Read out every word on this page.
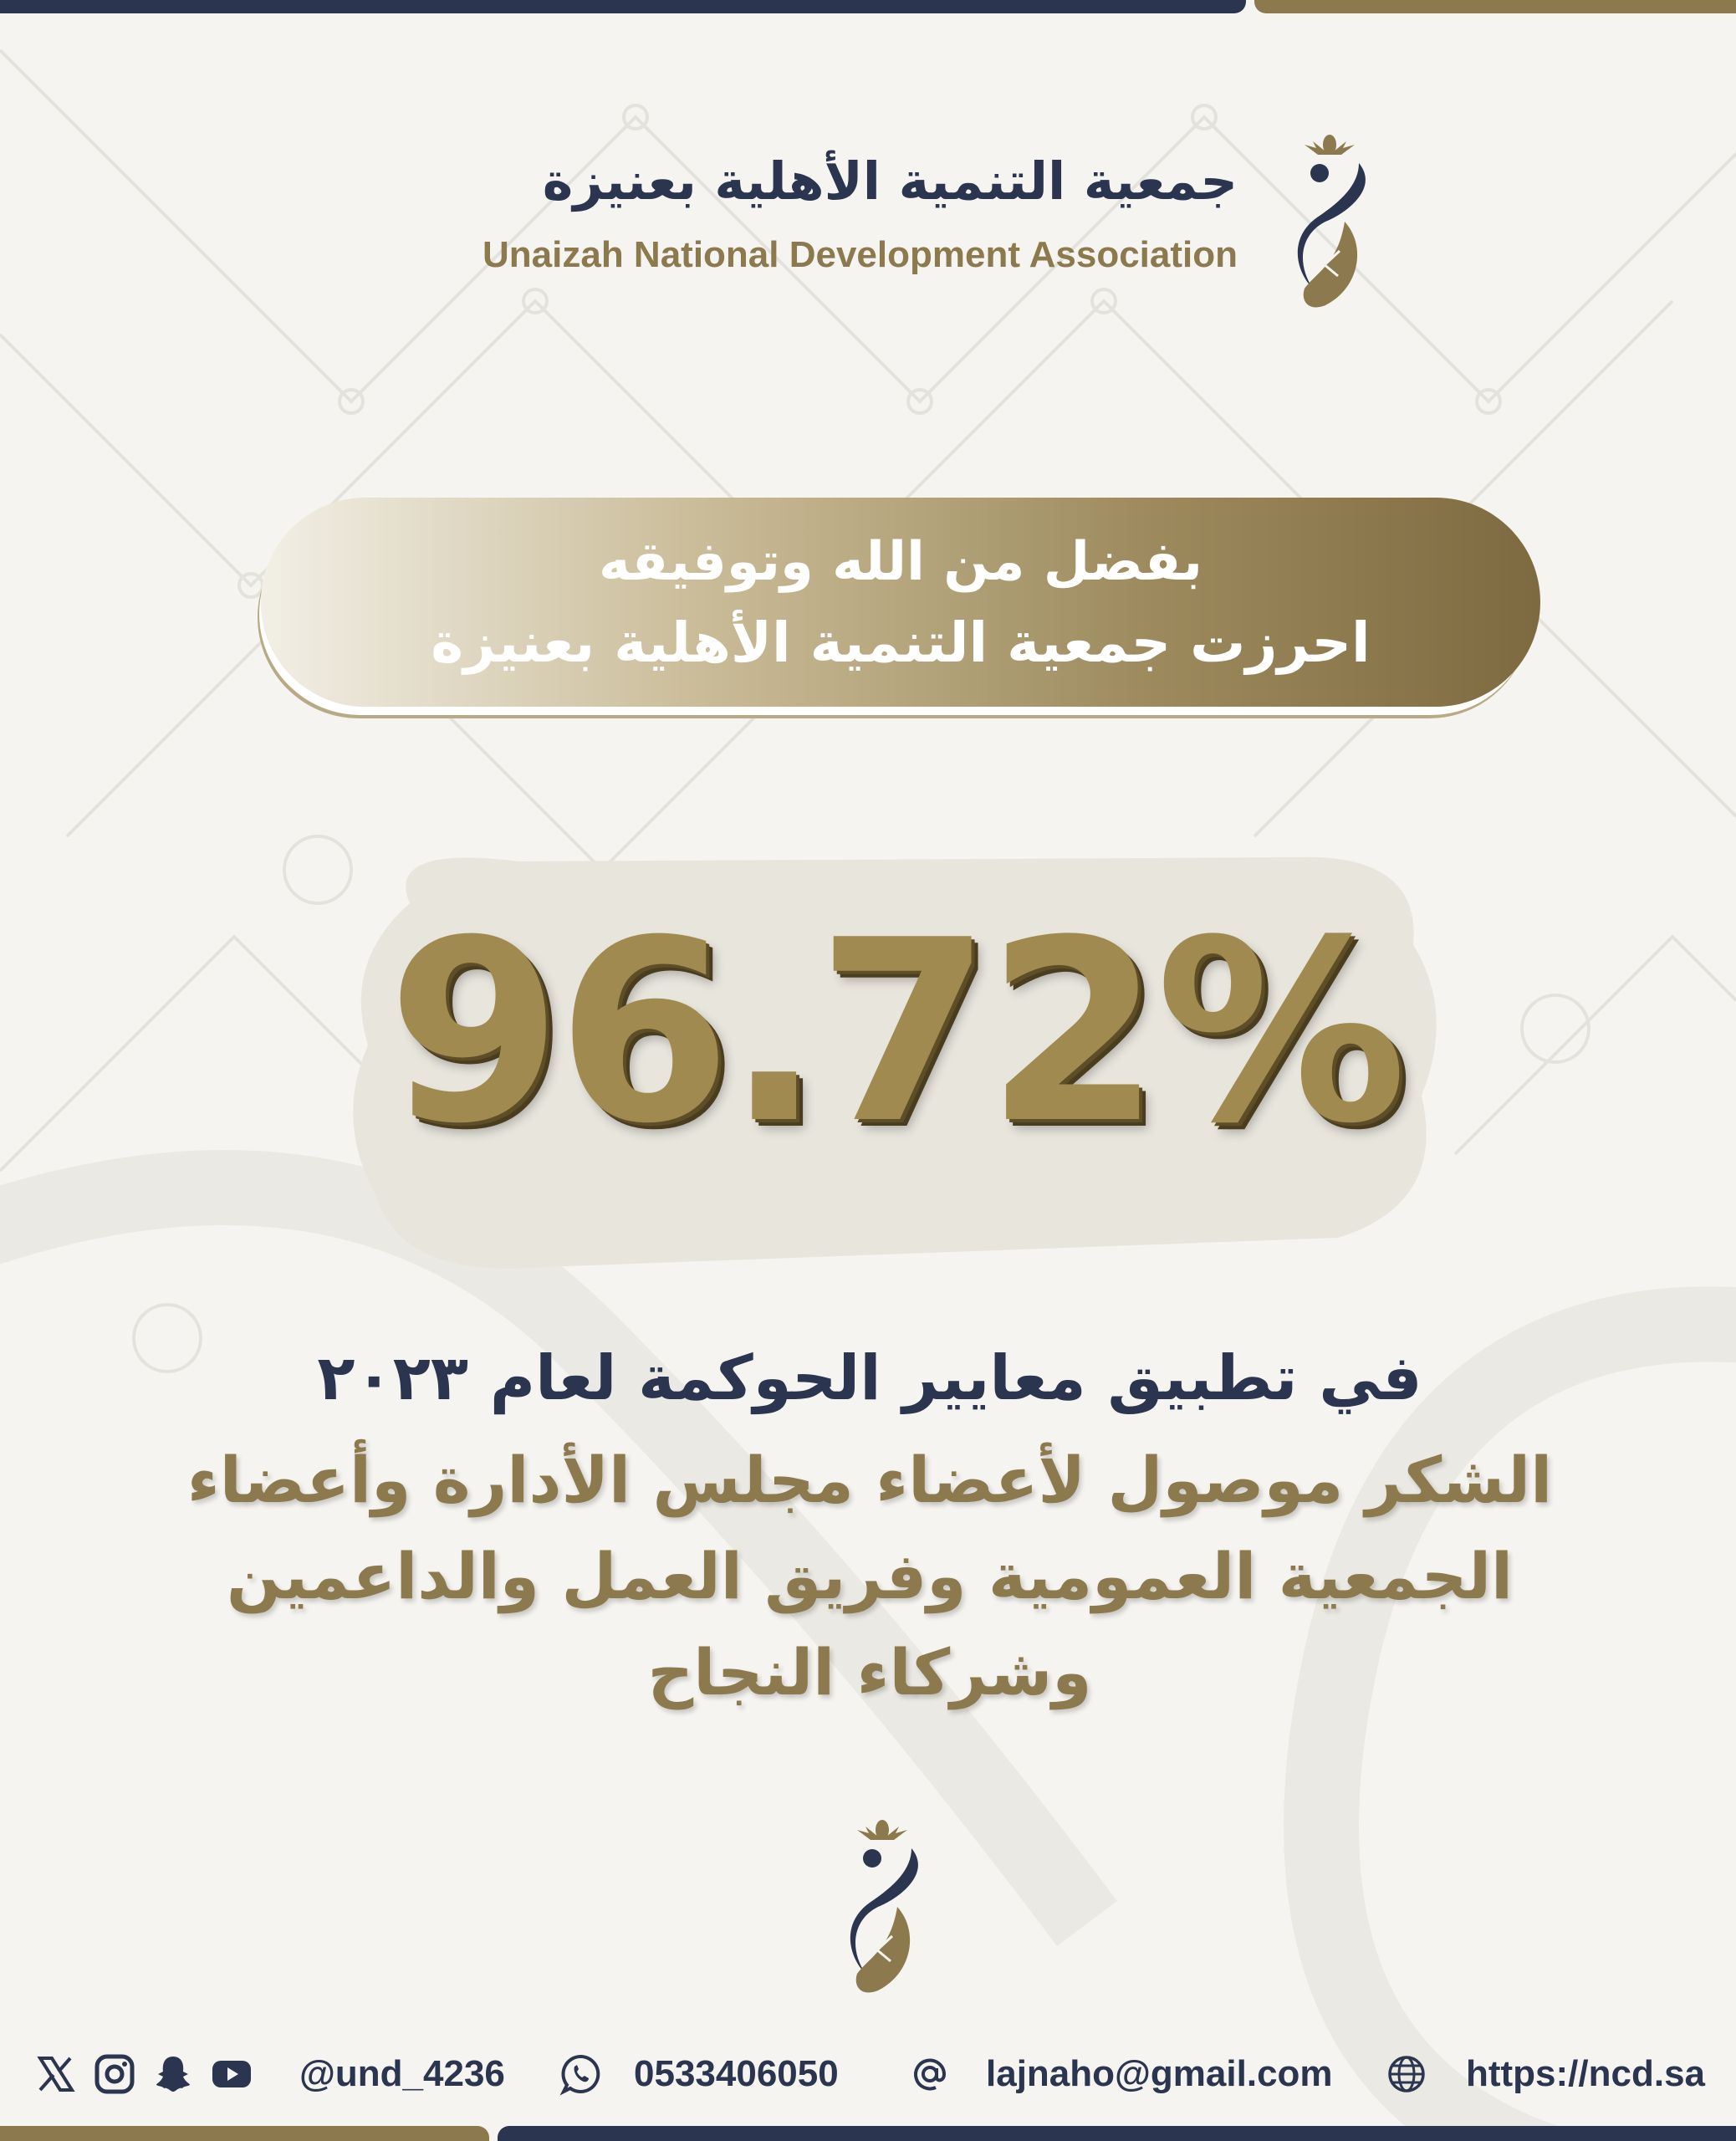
جمعية التنمية الأهلية بعنيزة
Unaizah National Development Association
بفضل من الله وتوفيقه
احرزت جمعية التنمية الأهلية بعنيزة
96.72%
في تطبيق معايير الحوكمة لعام ٢٠٢٣
الشكر موصول لأعضاء مجلس الأدارة وأعضاء
الجمعية العمومية وفريق العمل والداعمين
وشركاء النجاح
@und_4236	0533406050	lajnaho@gmail.com	https://ncd.sa
